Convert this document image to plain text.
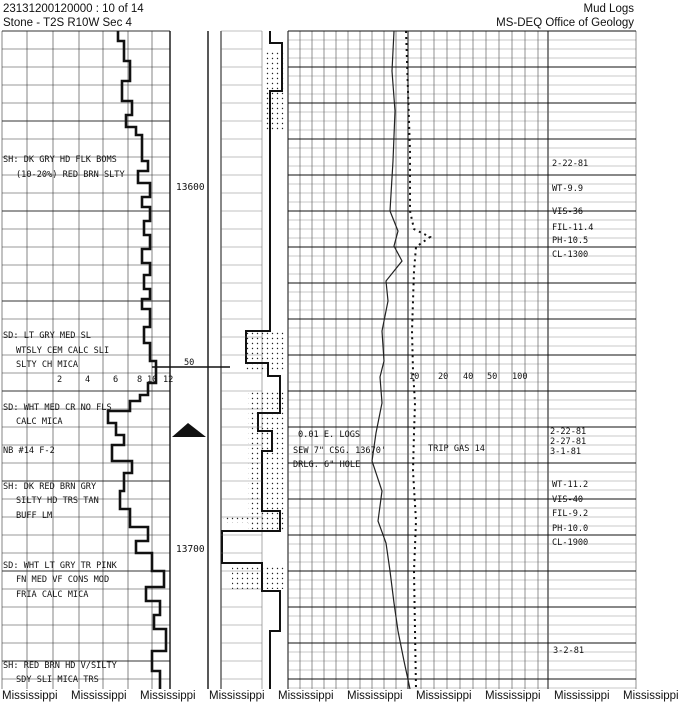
23131200120000 : 10 of 14
Stone - T2S R10W Sec 4
Mud Logs
MS-DEQ Office of Geology
13600
13700
50
2	4	6 8 10 12	10 20 40 50 100
SH: DK GRY HD FLK BOMS
(10-20%) RED BRN SLTY
SD: LT GRY MED SL
WTSLY CEM CALC SLI
SLTY CH MICA
SD: WHT MED CR NO FLS
CALC MICA
NB #14 F-2
SH: DK RED BRN GRY
SILTY HD TRS TAN
BUFF LM
SD: WHT LT GRY TR PINK
FN MED VF CONS MOD
FRIA CALC MICA
SH: RED BRN HD V/SILTY
SDY SLI MICA TRS
0.01 E. LOGS
SEW 7" CSG. 13670'
DRLG. 6" HOLE
TRIP GAS 14
2-22-81
WT-9.9
VIS-36
FIL-11.4
PH-10.5
CL-1300
2-22-81
2-27-81
3-1-81
WT-11.2
VIS-40
FIL-9.2
PH-10.0
CL-1900
3-2-81
Mississippi Mississippi Mississippi Mississippi Mississippi Mississippi Mississippi Mississippi Mississippi Mississippi
